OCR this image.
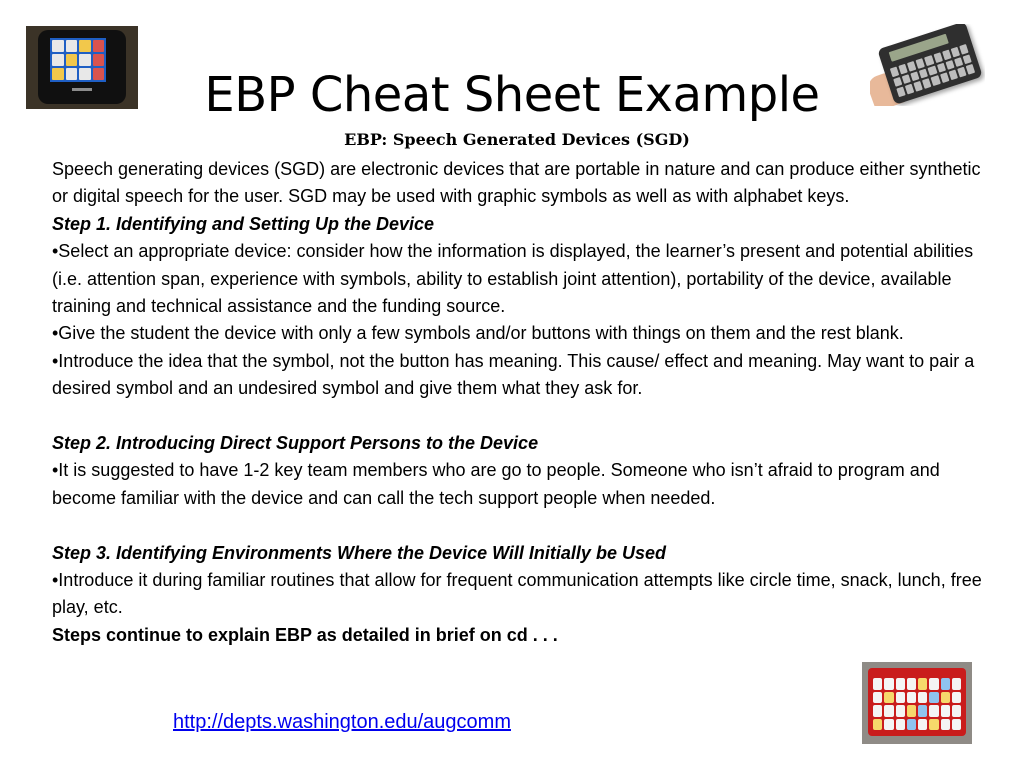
EBP Cheat Sheet Example
EBP: Speech Generated Devices (SGD)

Speech generating devices (SGD) are electronic devices that are portable in nature and can produce either synthetic or digital speech for the user. SGD may be used with graphic symbols as well as with alphabet keys.

Step 1. Identifying and Setting Up the Device

•Select an appropriate device: consider how the information is displayed, the learner’s present and potential abilities (i.e. attention span, experience with symbols, ability to establish joint attention), portability of the device, available training and technical assistance and the funding source.

•Give the student the device with only a few symbols and/or buttons with things on them and the rest blank.

•Introduce the idea that the symbol, not the button has meaning. This cause/ effect and meaning. May want to pair a desired symbol and an undesired symbol and give them what they ask for.

Step 2. Introducing Direct Support Persons to the Device

•It is suggested to have 1-2 key team members who are go to people. Someone who isn’t afraid to program and become familiar with the device and can call the tech support people when needed.

Step 3. Identifying Environments Where the Device Will Initially be Used

•Introduce it during familiar routines that allow for frequent communication attempts like circle time, snack, lunch, free play, etc.

Steps continue to explain EBP as detailed in brief on cd . . .

http://depts.washington.edu/augcomm
